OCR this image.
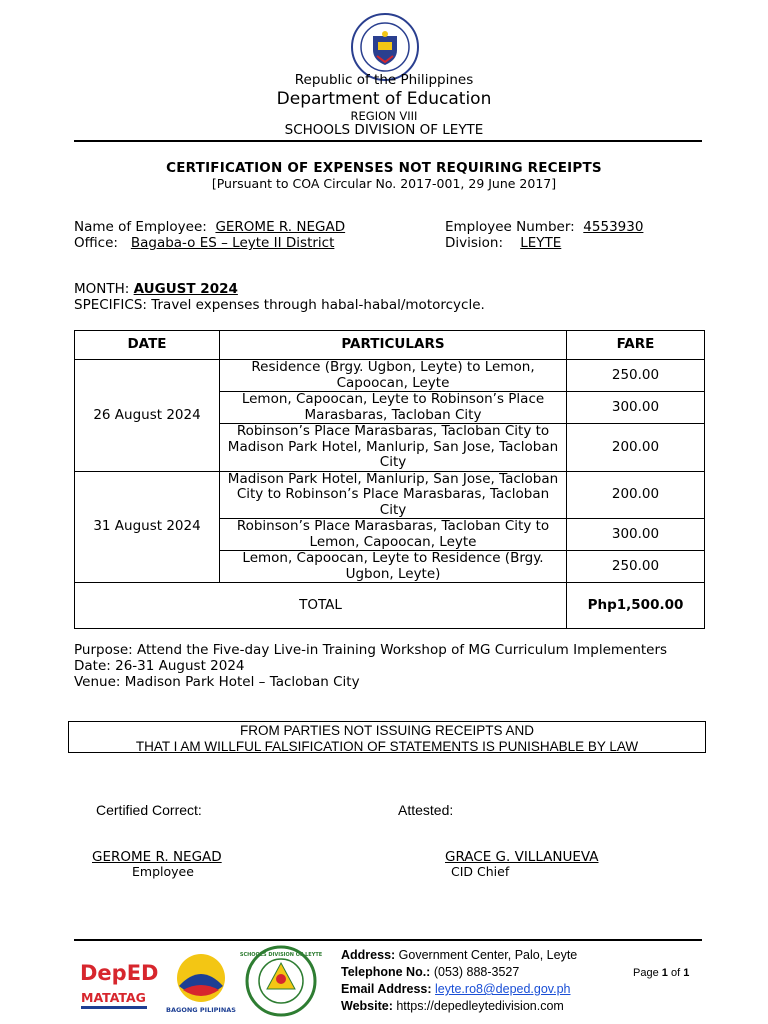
Republic of the Philippines
Department of Education
REGION VIII
SCHOOLS DIVISION OF LEYTE
CERTIFICATION OF EXPENSES NOT REQUIRING RECEIPTS
[Pursuant to COA Circular No. 2017-001, 29 June 2017]
Name of Employee: GEROME R. NEGAD
Office: Bagaba-o ES – Leyte II District
Employee Number: 4553930
Division: LEYTE
MONTH: AUGUST 2024
SPECIFICS: Travel expenses through habal-habal/motorcycle.
DATE	PARTICULARS	FARE
26 August 2024	Residence (Brgy. Ugbon, Leyte) to Lemon, Capoocan, Leyte	250.00
	Lemon, Capoocan, Leyte to Robinson’s Place Marasbaras, Tacloban City	300.00
	Robinson’s Place Marasbaras, Tacloban City to Madison Park Hotel, Manlurip, San Jose, Tacloban City	200.00
31 August 2024	Madison Park Hotel, Manlurip, San Jose, Tacloban City to Robinson’s Place Marasbaras, Tacloban City	200.00
	Robinson’s Place Marasbaras, Tacloban City to Lemon, Capoocan, Leyte	300.00
	Lemon, Capoocan, Leyte to Residence (Brgy. Ugbon, Leyte)	250.00
TOTAL		Php1,500.00
Purpose: Attend the Five-day Live-in Training Workshop of MG Curriculum Implementers
Date: 26-31 August 2024
Venue: Madison Park Hotel – Tacloban City
FROM PARTIES NOT ISSUING RECEIPTS AND
THAT I AM WILLFUL FALSIFICATION OF STATEMENTS IS PUNISHABLE BY LAW
Certified Correct:	Attested:
GEROME R. NEGAD
Employee
GRACE G. VILLANUEVA
CID Chief
DepED
MATATAG
BAGONG PILIPINAS
SCHOOLS DIVISION OF LEYTE Address: Government Center, Palo, Leyte
Telephone No.: (053) 888-3527
Email Address: leyte.ro8@deped.gov.ph
Website: https://depedleytedivision.com
Page 1 of 1
